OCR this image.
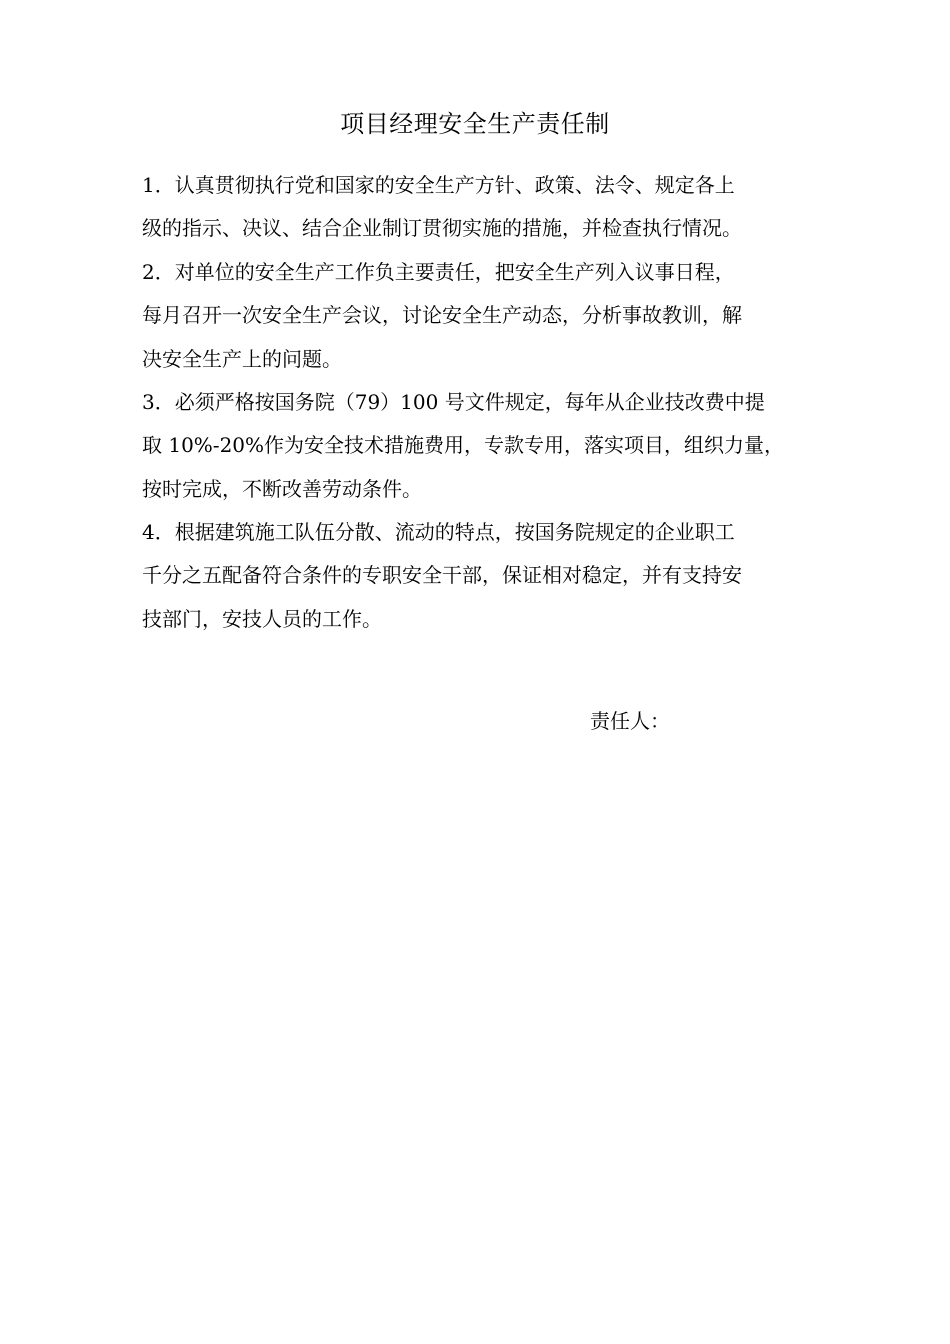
项目经理安全生产责任制
1．认真贯彻执行党和国家的安全生产方针、政策、法令、规定各上
级的指示、决议、结合企业制订贯彻实施的措施，并检查执行情况。
2．对单位的安全生产工作负主要责任，把安全生产列入议事日程，
每月召开一次安全生产会议，讨论安全生产动态，分析事故教训，解
决安全生产上的问题。
3．必须严格按国务院（79）100 号文件规定，每年从企业技改费中提
取 10%-20%作为安全技术措施费用，专款专用，落实项目，组织力量，
按时完成，不断改善劳动条件。
4．根据建筑施工队伍分散、流动的特点，按国务院规定的企业职工
千分之五配备符合条件的专职安全干部，保证相对稳定，并有支持安
技部门，安技人员的工作。
责任人：
